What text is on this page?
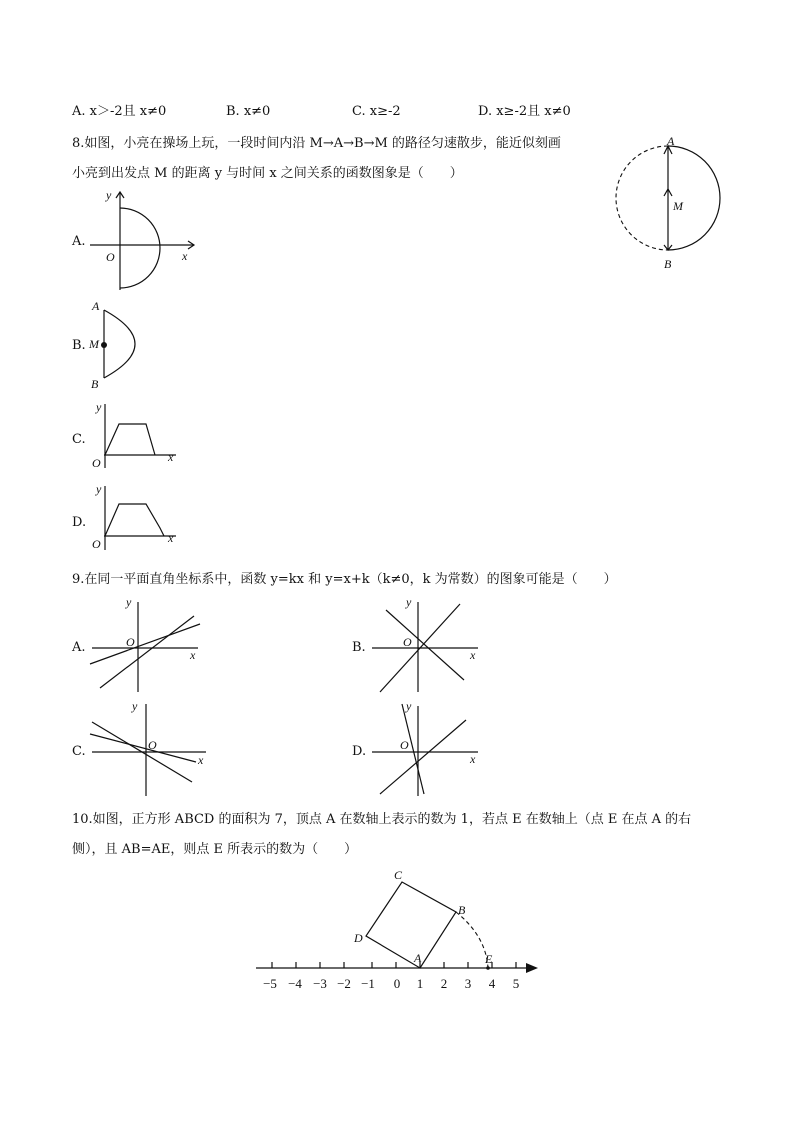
A. x＞-2且 x≠0	B. x≠0	C. x≥-2	D. x≥-2且 x≠0
8.如图，小亮在操场上玩，一段时间内沿 M→A→B→M 的路径匀速散步，能近似刻画
小亮到出发点 M 的距离 y 与时间 x 之间关系的函数图象是（　　）
A
M
B
A.
y
x
O
B.
A
M
B
C.
y
x
O
D.
y
x
O
9.在同一平面直角坐标系中，函数 y=kx 和 y=x+k（k≠0，k 为常数）的图象可能是（　　）
A.
y
x
O	B.
y
x
O
C.
y
x
O	D.
y
x
O
10.如图，正方形 ABCD 的面积为 7，顶点 A 在数轴上表示的数为 1，若点 E 在数轴上（点 E 在点 A 的右
侧），且 AB=AE，则点 E 所表示的数为（　　）
−5 −4 −3 −2 −1 0 1 2 3 4 5
A
B
C
D
E
